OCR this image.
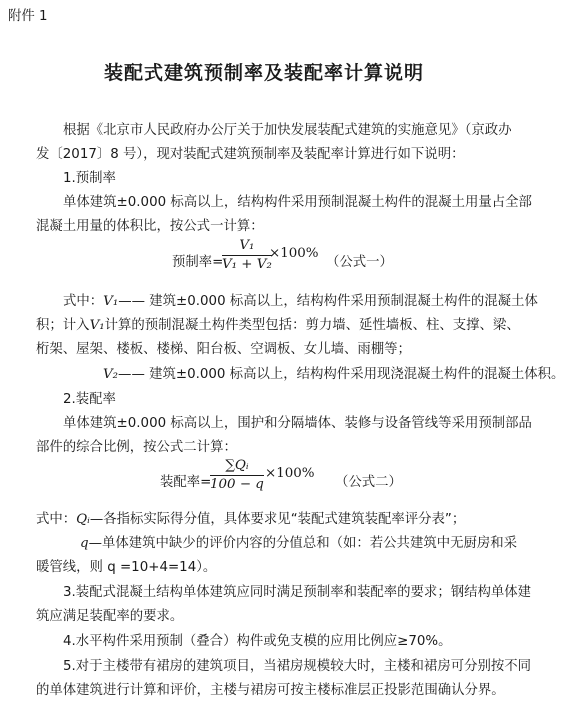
附件 1
装配式建筑预制率及装配率计算说明
根据《北京市人民政府办公厅关于加快发展装配式建筑的实施意见》（京政办
发〔2017〕8 号），现对装配式建筑预制率及装配率计算进行如下说明：
1.预制率
单体建筑±0.000 标高以上，结构构件采用预制混凝土构件的混凝土用量占全部
混凝土用量的体积比，按公式一计算：
预制率=
$\frac{\text{V₁}}{\text{V₁ + V₂}}$
×100%
（公式一）
式中：V₁—— 建筑±0.000 标高以上，结构构件采用预制混凝土构件的混凝土体
积；计入V₁计算的预制混凝土构件类型包括：剪力墙、延性墙板、柱、支撑、梁、
桁架、屋架、楼板、楼梯、阳台板、空调板、女儿墙、雨棚等；
V₂—— 建筑±0.000 标高以上，结构构件采用现浇混凝土构件的混凝土体积。
2.装配率
单体建筑±0.000 标高以上，围护和分隔墙体、装修与设备管线等采用预制部品
部件的综合比例，按公式二计算：
装配率=
$\frac{\text{∑Qᵢ}}{100 - q} \times 100\%$
（公式二）
式中：Qᵢ—各指标实际得分值，具体要求见“装配式建筑装配率评分表”；
q—单体建筑中缺少的评价内容的分值总和（如：若公共建筑中无厨房和采
暖管线，则 q =10+4=14）。
3.装配式混凝土结构单体建筑应同时满足预制率和装配率的要求；钢结构单体建
筑应满足装配率的要求。
4.水平构件采用预制（叠合）构件或免支模的应用比例应≥70%。
5.对于主楼带有裙房的建筑项目，当裙房规模较大时，主楼和裙房可分别按不同
的单体建筑进行计算和评价，主楼与裙房可按主楼标准层正投影范围确认分界。
